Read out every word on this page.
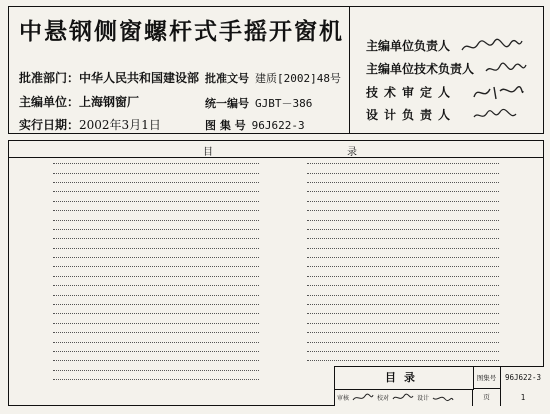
中悬钢侧窗螺杆式手摇开窗机
批准部门：中华人民共和国建设部
主编单位：上海钢窗厂
实行日期：2002年3月1日
批准文号 建质[2002]48号
统一编号 GJBT－386
图 集 号 96J622-3
主编单位负责人
主编单位技术负责人
技术审定人
设计负责人
目	录
目录	图集号	96J622-3
审核	校对	设计	页	1
